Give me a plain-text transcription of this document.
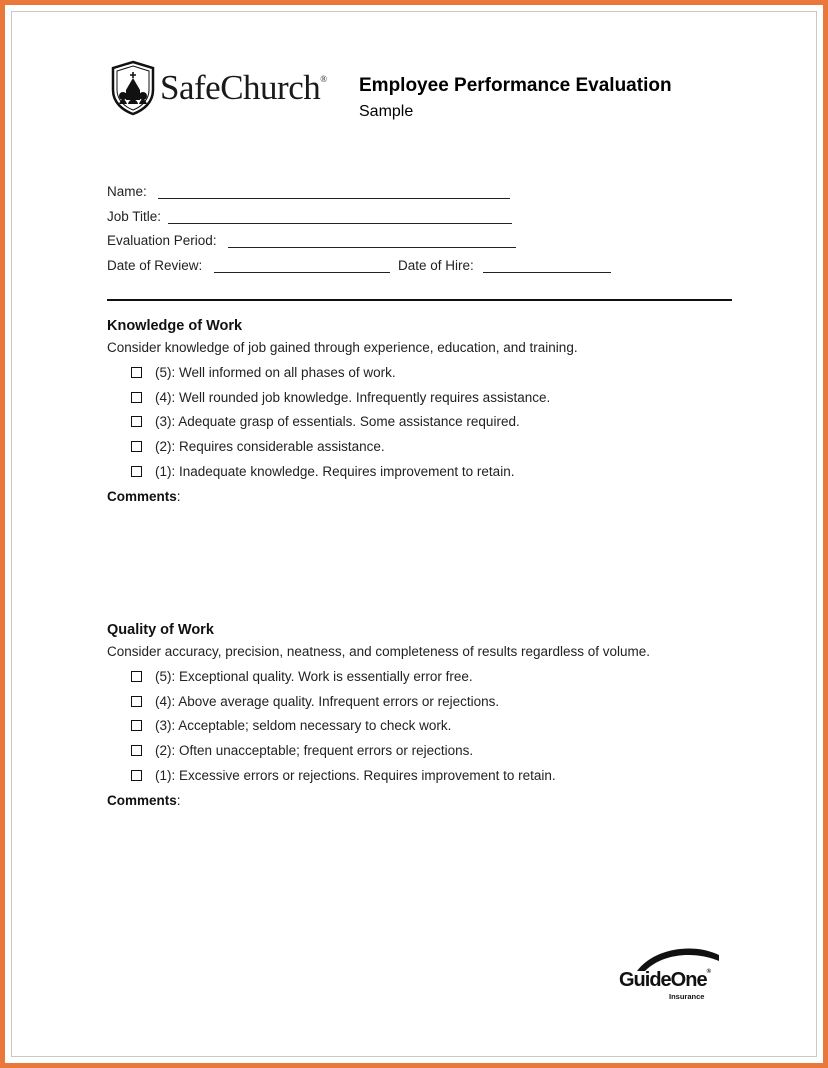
SafeChurch® Employee Performance Evaluation
Sample
Name:
Job Title:
Evaluation Period:
Date of Review:	Date of Hire:
Knowledge of Work
Consider knowledge of job gained through experience, education, and training.
(5): Well informed on all phases of work.
(4): Well rounded job knowledge. Infrequently requires assistance.
(3): Adequate grasp of essentials. Some assistance required.
(2): Requires considerable assistance.
(1): Inadequate knowledge. Requires improvement to retain.
Comments:
Quality of Work
Consider accuracy, precision, neatness, and completeness of results regardless of volume.
(5): Exceptional quality. Work is essentially error free.
(4): Above average quality. Infrequent errors or rejections.
(3): Acceptable; seldom necessary to check work.
(2): Often unacceptable; frequent errors or rejections.
(1): Excessive errors or rejections. Requires improvement to retain.
Comments:
GuideOne®
Insurance
